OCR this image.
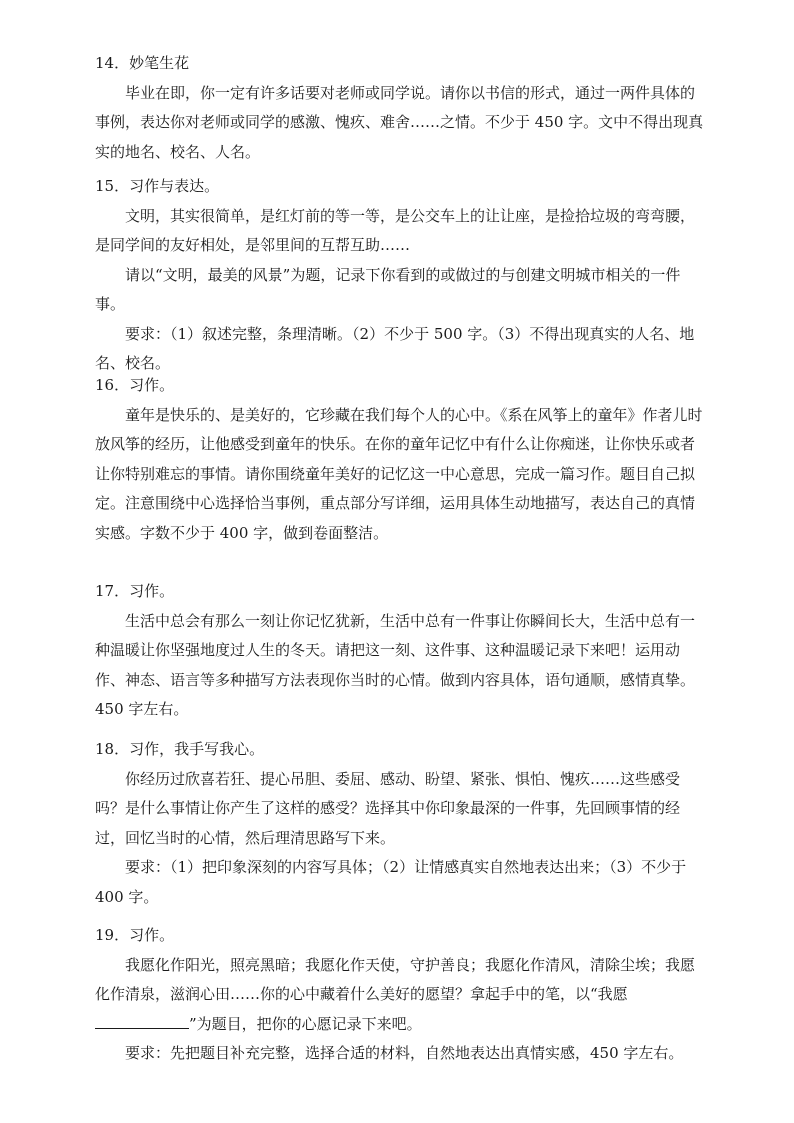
14．妙笔生花

毕业在即，你一定有许多话要对老师或同学说。请你以书信的形式，通过一两件具体的事例，表达你对老师或同学的感激、愧疚、难舍……之情。不少于 450 字。文中不得出现真实的地名、校名、人名。

15．习作与表达。

文明，其实很简单，是红灯前的等一等，是公交车上的让让座，是捡拾垃圾的弯弯腰，是同学间的友好相处，是邻里间的互帮互助……

请以“文明，最美的风景”为题，记录下你看到的或做过的与创建文明城市相关的一件事。

要求：（1）叙述完整，条理清晰。（2）不少于 500 字。（3）不得出现真实的人名、地名、校名。

16．习作。

童年是快乐的、是美好的，它珍藏在我们每个人的心中。《系在风筝上的童年》作者儿时放风筝的经历，让他感受到童年的快乐。在你的童年记忆中有什么让你痴迷，让你快乐或者让你特别难忘的事情。请你围绕童年美好的记忆这一中心意思，完成一篇习作。题目自己拟定。注意围绕中心选择恰当事例，重点部分写详细，运用具体生动地描写，表达自己的真情实感。字数不少于 400 字，做到卷面整洁。

17．习作。

生活中总会有那么一刻让你记忆犹新，生活中总有一件事让你瞬间长大，生活中总有一种温暖让你坚强地度过人生的冬天。请把这一刻、这件事、这种温暖记录下来吧！运用动作、神态、语言等多种描写方法表现你当时的心情。做到内容具体，语句通顺，感情真挚。450 字左右。

18．习作，我手写我心。

你经历过欣喜若狂、提心吊胆、委屈、感动、盼望、紧张、惧怕、愧疚……这些感受吗？是什么事情让你产生了这样的感受？选择其中你印象最深的一件事，先回顾事情的经过，回忆当时的心情，然后理清思路写下来。

要求：（1）把印象深刻的内容写具体；（2）让情感真实自然地表达出来；（3）不少于 400 字。

19．习作。

我愿化作阳光，照亮黑暗；我愿化作天使，守护善良；我愿化作清风，清除尘埃；我愿化作清泉，滋润心田……你的心中藏着什么美好的愿望？拿起手中的笔，以“我愿”为题目，把你的心愿记录下来吧。

要求：先把题目补充完整，选择合适的材料，自然地表达出真情实感，450 字左右。
